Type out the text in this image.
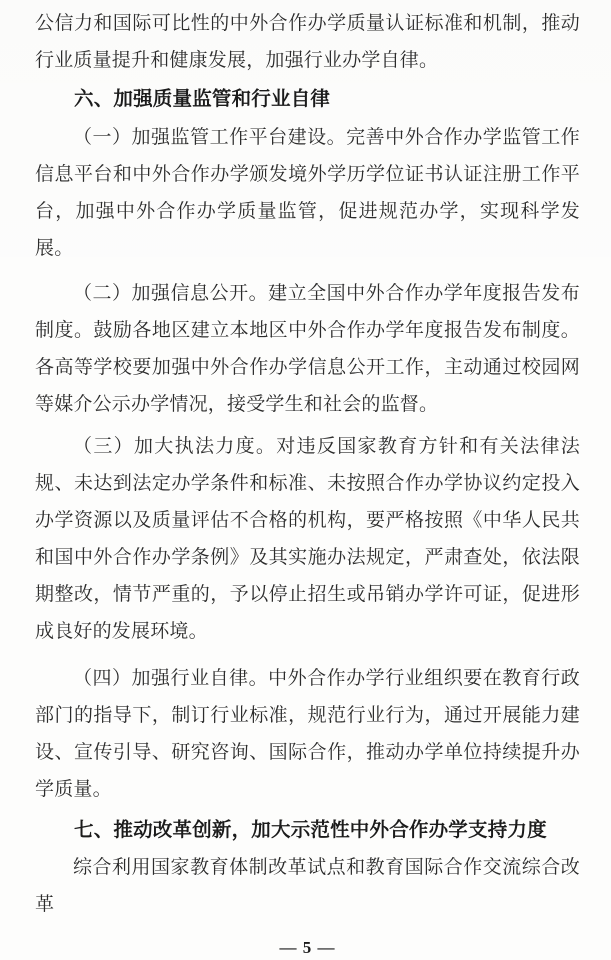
公信力和国际可比性的中外合作办学质量认证标准和机制，推动行业质量提升和健康发展，加强行业办学自律。

六、加强质量监管和行业自律

（一）加强监管工作平台建设。完善中外合作办学监管工作信息平台和中外合作办学颁发境外学历学位证书认证注册工作平台，加强中外合作办学质量监管，促进规范办学，实现科学发展。

（二）加强信息公开。建立全国中外合作办学年度报告发布制度。鼓励各地区建立本地区中外合作办学年度报告发布制度。各高等学校要加强中外合作办学信息公开工作，主动通过校园网等媒介公示办学情况，接受学生和社会的监督。

（三）加大执法力度。对违反国家教育方针和有关法律法规、未达到法定办学条件和标准、未按照合作办学协议约定投入办学资源以及质量评估不合格的机构，要严格按照《中华人民共和国中外合作办学条例》及其实施办法规定，严肃查处，依法限期整改，情节严重的，予以停止招生或吊销办学许可证，促进形成良好的发展环境。

（四）加强行业自律。中外合作办学行业组织要在教育行政部门的指导下，制订行业标准，规范行业行为，通过开展能力建设、宣传引导、研究咨询、国际合作，推动办学单位持续提升办学质量。

七、推动改革创新，加大示范性中外合作办学支持力度

综合利用国家教育体制改革试点和教育国际合作交流综合改革

— 5 —
